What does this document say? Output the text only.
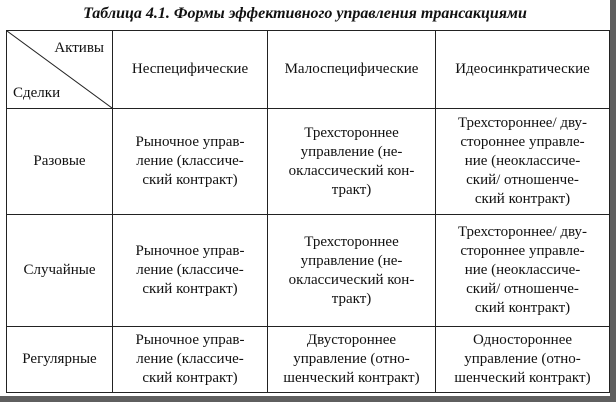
Таблица 4.1. Формы эффективного управления трансакциями
Активы
Сделки	Неспецифические	Малоспецифические	Идеосинкратические
Разовые	Рыночное управ-
ление (классиче-
ский контракт)	Трехстороннее
управление (не-
оклассический кон-
тракт)	Трехстороннее/ дву-
стороннее управле-
ние (неоклассиче-
ский/ отношенче-
ский контракт)

Случайные	Рыночное управ-
ление (классиче-
ский контракт)	Трехстороннее
управление (не-
оклассический кон-
тракт)	Трехстороннее/ дву-
стороннее управле-
ние (неоклассиче-
ский/ отношенче-
ский контракт)

Регулярные	Рыночное управ-
ление (классиче-
ский контракт)	Двустороннее
управление (отно-
шенческий контракт)	Одностороннее
управление (отно-
шенческий контракт)
